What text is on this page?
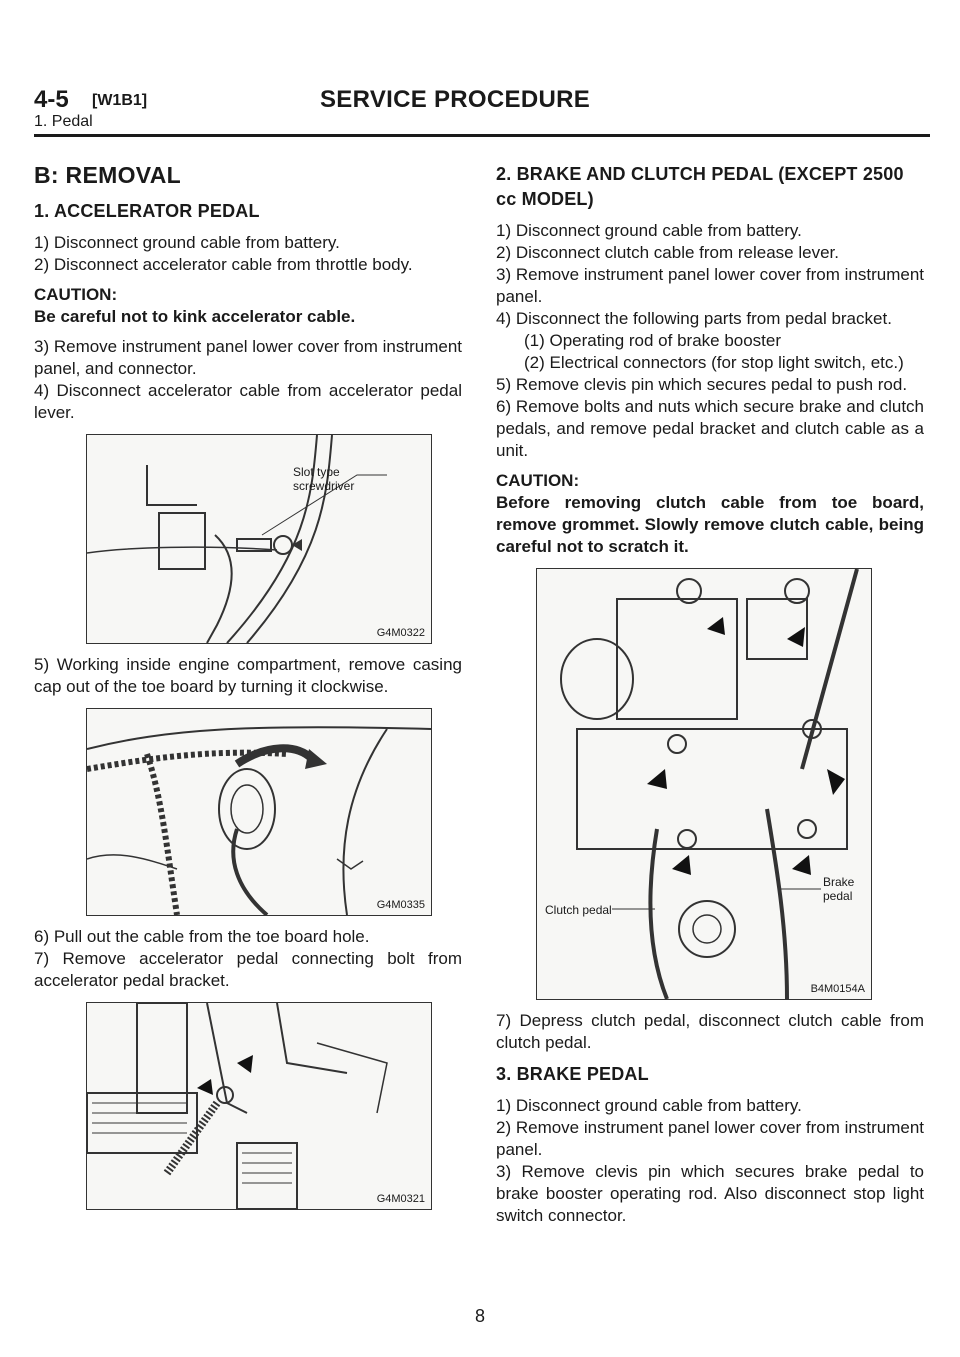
4-5 [W1B1]	SERVICE PROCEDURE
1. Pedal
B: REMOVAL
1. ACCELERATOR PEDAL

1) Disconnect ground cable from battery.

2) Disconnect accelerator cable from throttle body.

CAUTION:

Be careful not to kink accelerator cable.

3) Remove instrument panel lower cover from instrument panel, and connector.

4) Disconnect accelerator cable from accelerator pedal lever.

Slot type screwdriver
G4M0322

5) Working inside engine compartment, remove casing cap out of the toe board by turning it clockwise.

G4M0335

6) Pull out the cable from the toe board hole.

7) Remove accelerator pedal connecting bolt from accelerator pedal bracket.

G4M0321
2. BRAKE AND CLUTCH PEDAL (EXCEPT 2500 cc MODEL)

1) Disconnect ground cable from battery.

2) Disconnect clutch cable from release lever.

3) Remove instrument panel lower cover from instrument panel.

4) Disconnect the following parts from pedal bracket.

(1) Operating rod of brake booster

(2) Electrical connectors (for stop light switch, etc.)

5) Remove clevis pin which secures pedal to push rod.

6) Remove bolts and nuts which secure brake and clutch pedals, and remove pedal bracket and clutch cable as a unit.

CAUTION:

Before removing clutch cable from toe board, remove grommet. Slowly remove clutch cable, being careful not to scratch it.

Clutch pedal
Brake pedal
B4M0154A

7) Depress clutch pedal, disconnect clutch cable from clutch pedal.

3. BRAKE PEDAL

1) Disconnect ground cable from battery.

2) Remove instrument panel lower cover from instrument panel.

3) Remove clevis pin which secures brake pedal to brake booster operating rod. Also disconnect stop light switch connector.

8
